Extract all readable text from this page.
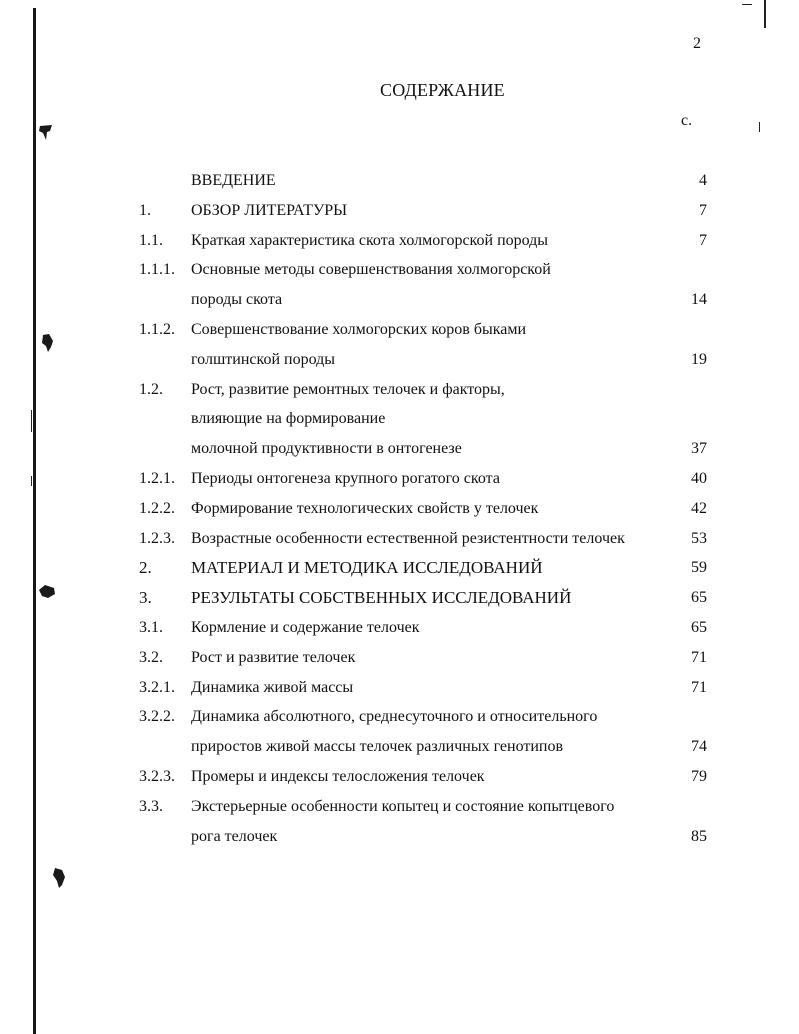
2
СОДЕРЖАНИЕ
с.
ВВЕДЕНИЕ	4
1.	ОБЗОР ЛИТЕРАТУРЫ	7
1.1. Краткая характеристика скота холмогорской породы	7
1.1.1. Основные методы совершенствования холмогорской
породы скота	14
1.1.2. Совершенствование холмогорских коров быками
голштинской породы	19
1.2. Рост, развитие ремонтных телочек и факторы,
влияющие на формирование
молочной продуктивности в онтогенезе	37
1.2.1. Периоды онтогенеза крупного рогатого скота	40
1.2.2. Формирование технологических свойств у телочек	42
1.2.3. Возрастные особенности естественной резистентности телочек	53
2. МАТЕРИАЛ И МЕТОДИКА ИССЛЕДОВАНИЙ	59
3. РЕЗУЛЬТАТЫ СОБСТВЕННЫХ ИССЛЕДОВАНИЙ	65
3.1. Кормление и содержание телочек	65
3.2. Рост и развитие телочек	71
3.2.1. Динамика живой массы	71
3.2.2. Динамика абсолютного, среднесуточного и относительного
приростов живой массы телочек различных генотипов	74
3.2.3. Промеры и индексы телосложения телочек	79
3.3. Экстерьерные особенности копытец и состояние копытцевого
рога телочек	85
